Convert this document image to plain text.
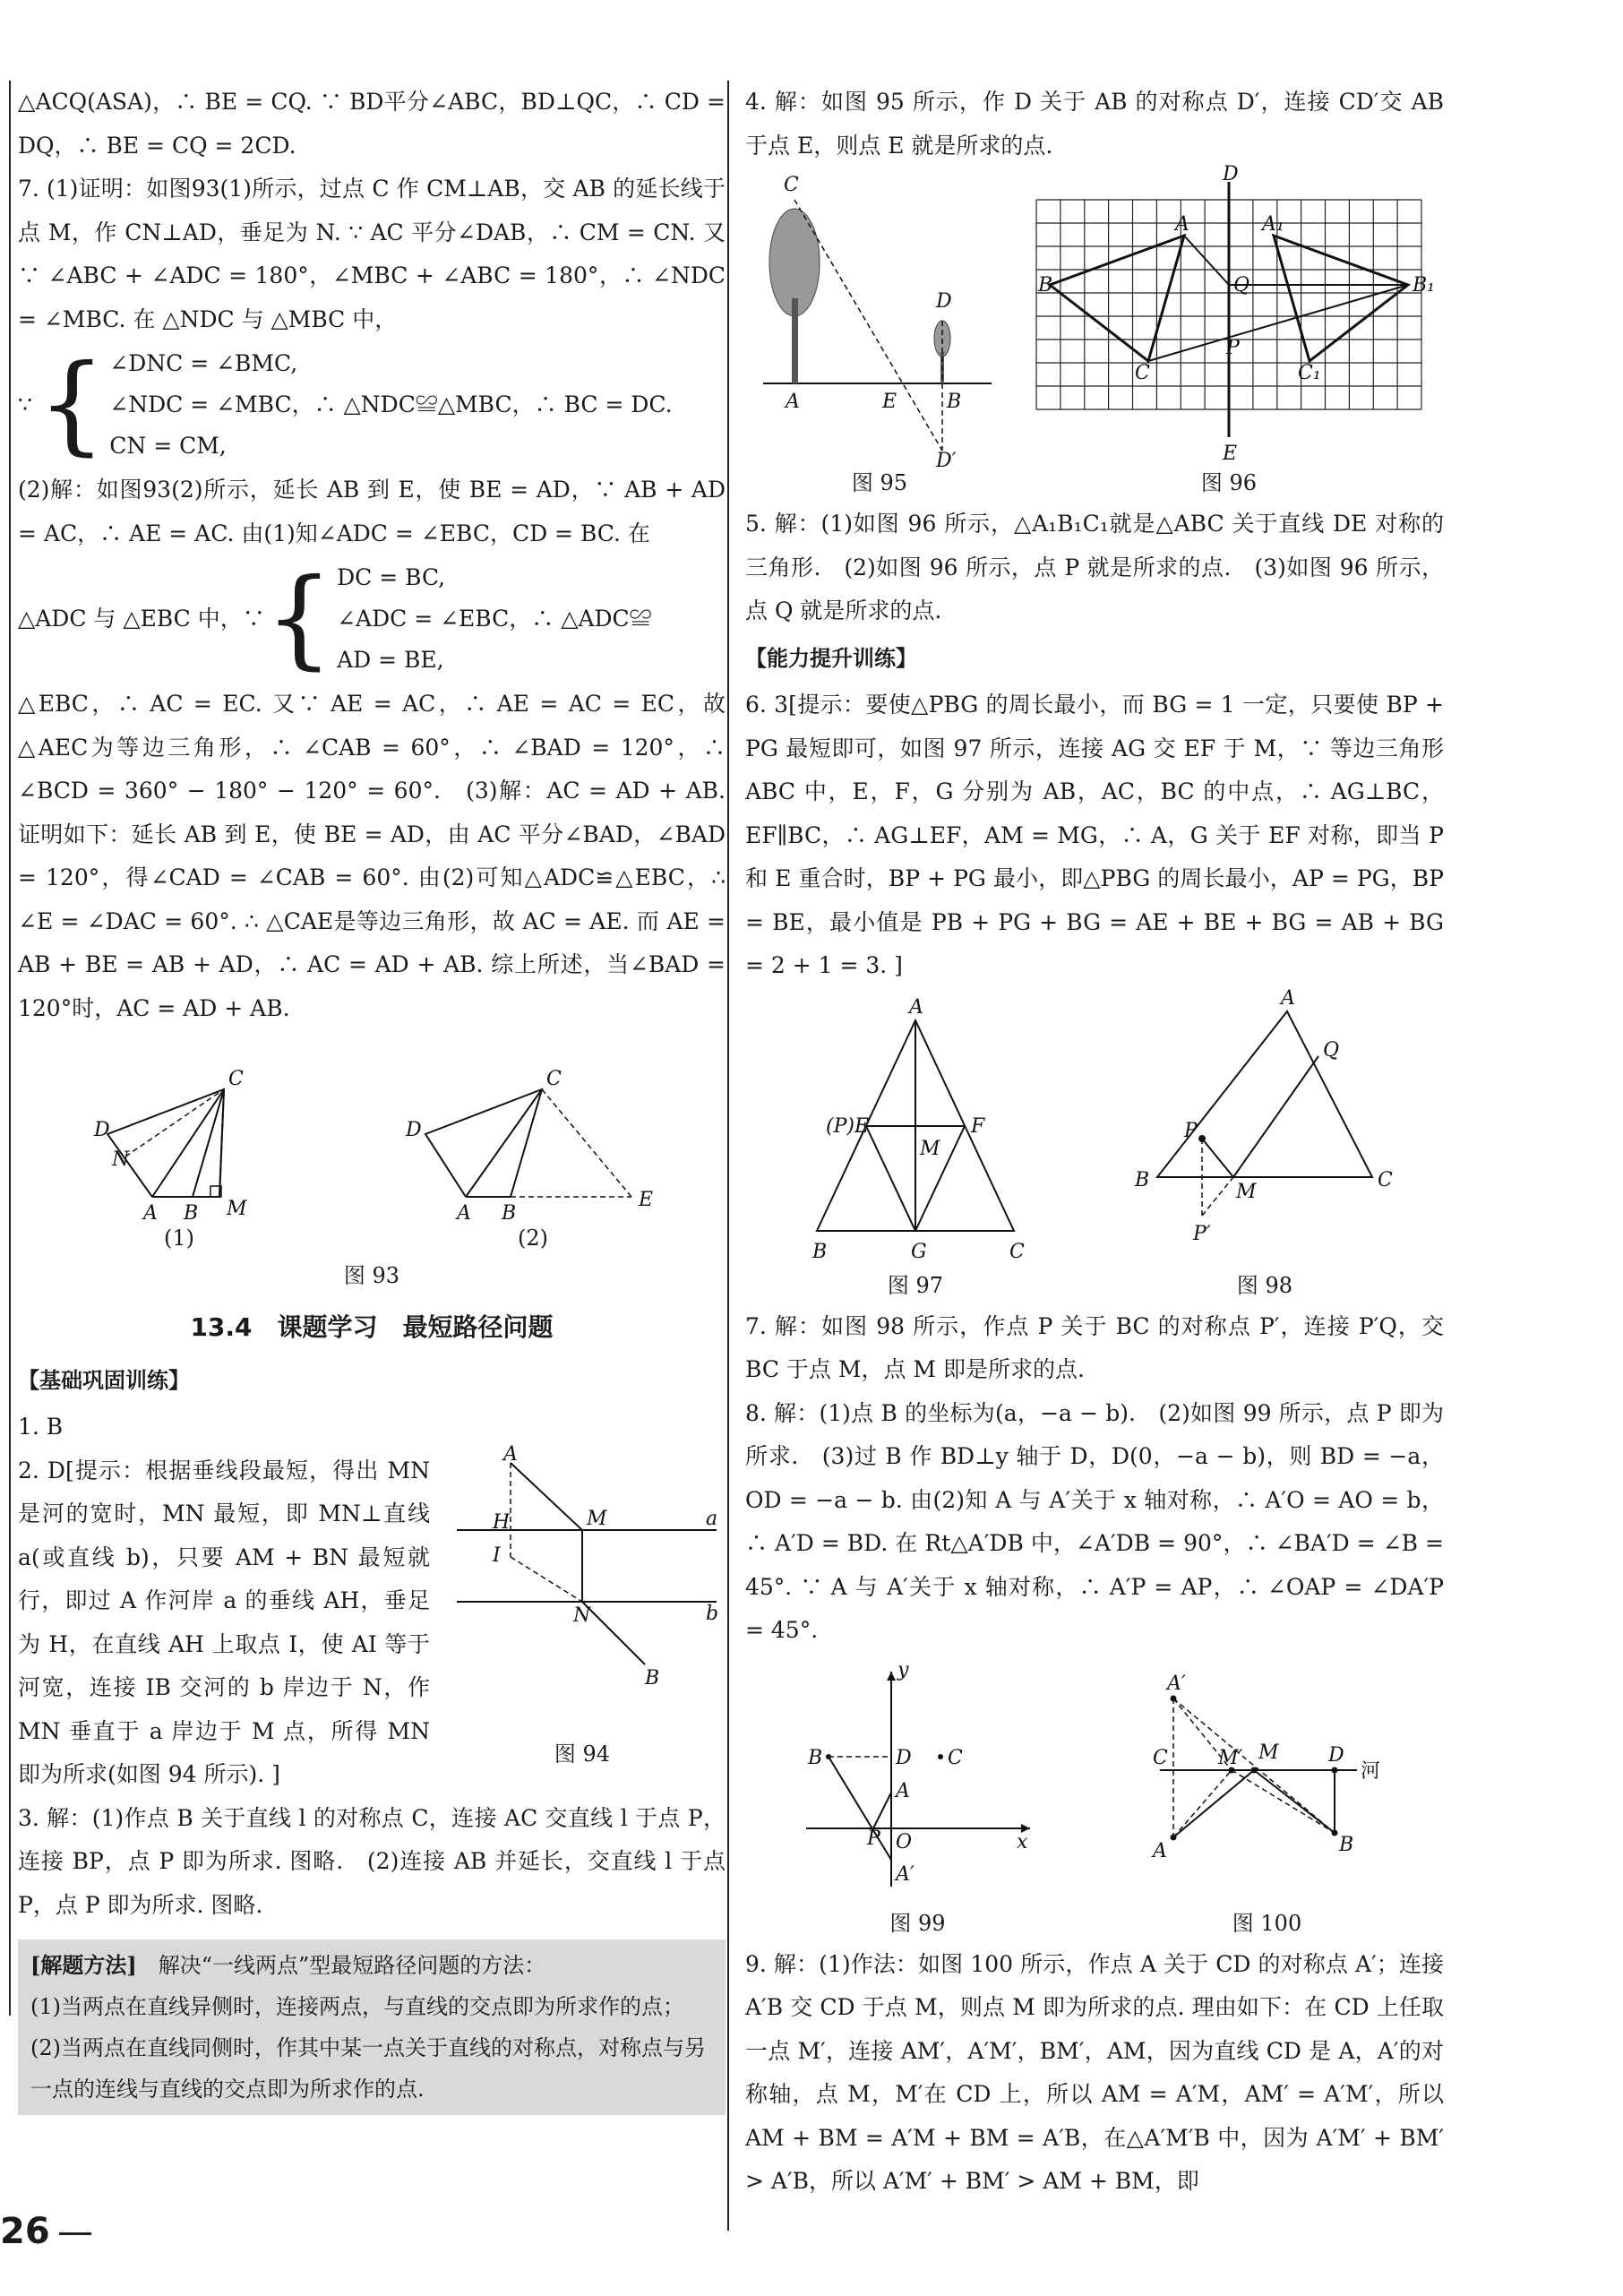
△ACQ(ASA)，∴ BE = CQ. ∵ BD平分∠ABC，BD⊥QC，∴ CD = DQ，∴ BE = CQ = 2CD.

7. (1)证明：如图93(1)所示，过点 C 作 CM⊥AB，交 AB 的延长线于点 M，作 CN⊥AD，垂足为 N. ∵ AC 平分∠DAB，∴ CM = CN. 又∵ ∠ABC + ∠ADC = 180°，∠MBC + ∠ABC = 180°，∴ ∠NDC = ∠MBC. 在 △NDC 与 △MBC 中，

∵ { ∠DNC = ∠BMC,
∠NDC = ∠MBC，∴ △NDC≌△MBC，∴ BC = DC.
CN = CM,

(2)解：如图93(2)所示，延长 AB 到 E，使 BE = AD，∵ AB + AD = AC，∴ AE = AC. 由(1)知∠ADC = ∠EBC，CD = BC. 在

△ADC 与 △EBC 中，∵ { DC = BC,
∠ADC = ∠EBC，∴ △ADC≌
AD = BE,

△EBC，∴ AC = EC. 又∵ AE = AC，∴ AE = AC = EC，故△AEC为等边三角形，∴ ∠CAB = 60°，∴ ∠BAD = 120°，∴ ∠BCD = 360° − 180° − 120° = 60°.　(3)解：AC = AD + AB. 证明如下：延长 AB 到 E，使 BE = AD，由 AC 平分∠BAD，∠BAD = 120°，得∠CAD = ∠CAB = 60°. 由(2)可知△ADC≌△EBC，∴ ∠E = ∠DAC = 60°. ∴ △CAE是等边三角形，故 AC = AE. 而 AE = AB + BE = AB + AD，∴ AC = AD + AB. 综上所述，当∠BAD = 120°时，AC = AD + AB.

C
D
N
A B M
(1)
C
D
A B
E
(2)
图 93
13.4　课题学习　最短路径问题
【基础巩固训练】

1. B

2. D[提示：根据垂线段最短，得出 MN 是河的宽时，MN 最短，即 MN⊥直线 a(或直线 b)，只要 AM + BN 最短就行，即过 A 作河岸 a 的垂线 AH，垂足为 H，在直线 AH 上取点 I，使 AI 等于河宽，连接 IB 交河的 b 岸边于 N，作 MN 垂直于 a 岸边于 M 点，所得 MN 即为所求(如图 94 所示). ]

A
H	M	a
I
N	b
B
图 94

3. 解：(1)作点 B 关于直线 l 的对称点 C，连接 AC 交直线 l 于点 P，连接 BP，点 P 即为所求. 图略.　(2)连接 AB 并延长，交直线 l 于点 P，点 P 即为所求. 图略.

[解题方法]　 解决“一线两点”型最短路径问题的方法：
(1)当两点在直线异侧时，连接两点，与直线的交点即为所求作的点；
(2)当两点在直线同侧时，作其中某一点关于直线的对称点，对称点与另一点的连线与直线的交点即为所求作的点.

4. 解：如图 95 所示，作 D 关于 AB 的对称点 D′，连接 CD′交 AB 于点 E，则点 E 就是所求的点.

C
D
A	E	B
D′
图 95
D
A	A₁
B	Q	B₁
C
P
C₁
E
图 96

5. 解：(1)如图 96 所示，△A₁B₁C₁就是△ABC 关于直线 DE 对称的三角形.　(2)如图 96 所示，点 P 就是所求的点.　(3)如图 96 所示，点 Q 就是所求的点.

【能力提升训练】

6. 3[提示：要使△PBG 的周长最小，而 BG = 1 一定，只要使 BP + PG 最短即可，如图 97 所示，连接 AG 交 EF 于 M，∵ 等边三角形 ABC 中，E，F，G 分别为 AB，AC，BC 的中点，∴ AG⊥BC，EF∥BC，∴ AG⊥EF，AM = MG，∴ A，G 关于 EF 对称，即当 P 和 E 重合时，BP + PG 最小，即△PBG 的周长最小，AP = PG，BP = BE，最小值是 PB + PG + BG = AE + BE + BG = AB + BG = 2 + 1 = 3. ]

A
(P)E	F
M
B	G	C
图 97
A
Q
P
B
M
C
P′
图 98

7. 解：如图 98 所示，作点 P 关于 BC 的对称点 P′，连接 P′Q，交 BC 于点 M，点 M 即是所求的点.

8. 解：(1)点 B 的坐标为(a，−a − b).　(2)如图 99 所示，点 P 即为所求.　(3)过 B 作 BD⊥y 轴于 D，D(0，−a − b)，则 BD = −a，OD = −a − b. 由(2)知 A 与 A′关于 x 轴对称，∴ A′O = AO = b，∴ A′D = BD. 在 Rt△A′DB 中，∠A′DB = 90°，∴ ∠BA′D = ∠B = 45°. ∵ A 与 A′关于 x 轴对称，∴ A′P = AP，∴ ∠OAP = ∠DA′P = 45°.

y
B	D C
A
P O	x
A′
图 99
A′
C	M′ M	D
A	B
河
图 100

9. 解：(1)作法：如图 100 所示，作点 A 关于 CD 的对称点 A′；连接 A′B 交 CD 于点 M，则点 M 即为所求的点. 理由如下：在 CD 上任取一点 M′，连接 AM′，A′M′，BM′，AM，因为直线 CD 是 A，A′的对称轴，点 M，M′在 CD 上，所以 AM = A′M，AM′ = A′M′，所以 AM + BM = A′M + BM = A′B，在△A′M′B 中，因为 A′M′ + BM′ > A′B，所以 A′M′ + BM′ > AM + BM，即

26
